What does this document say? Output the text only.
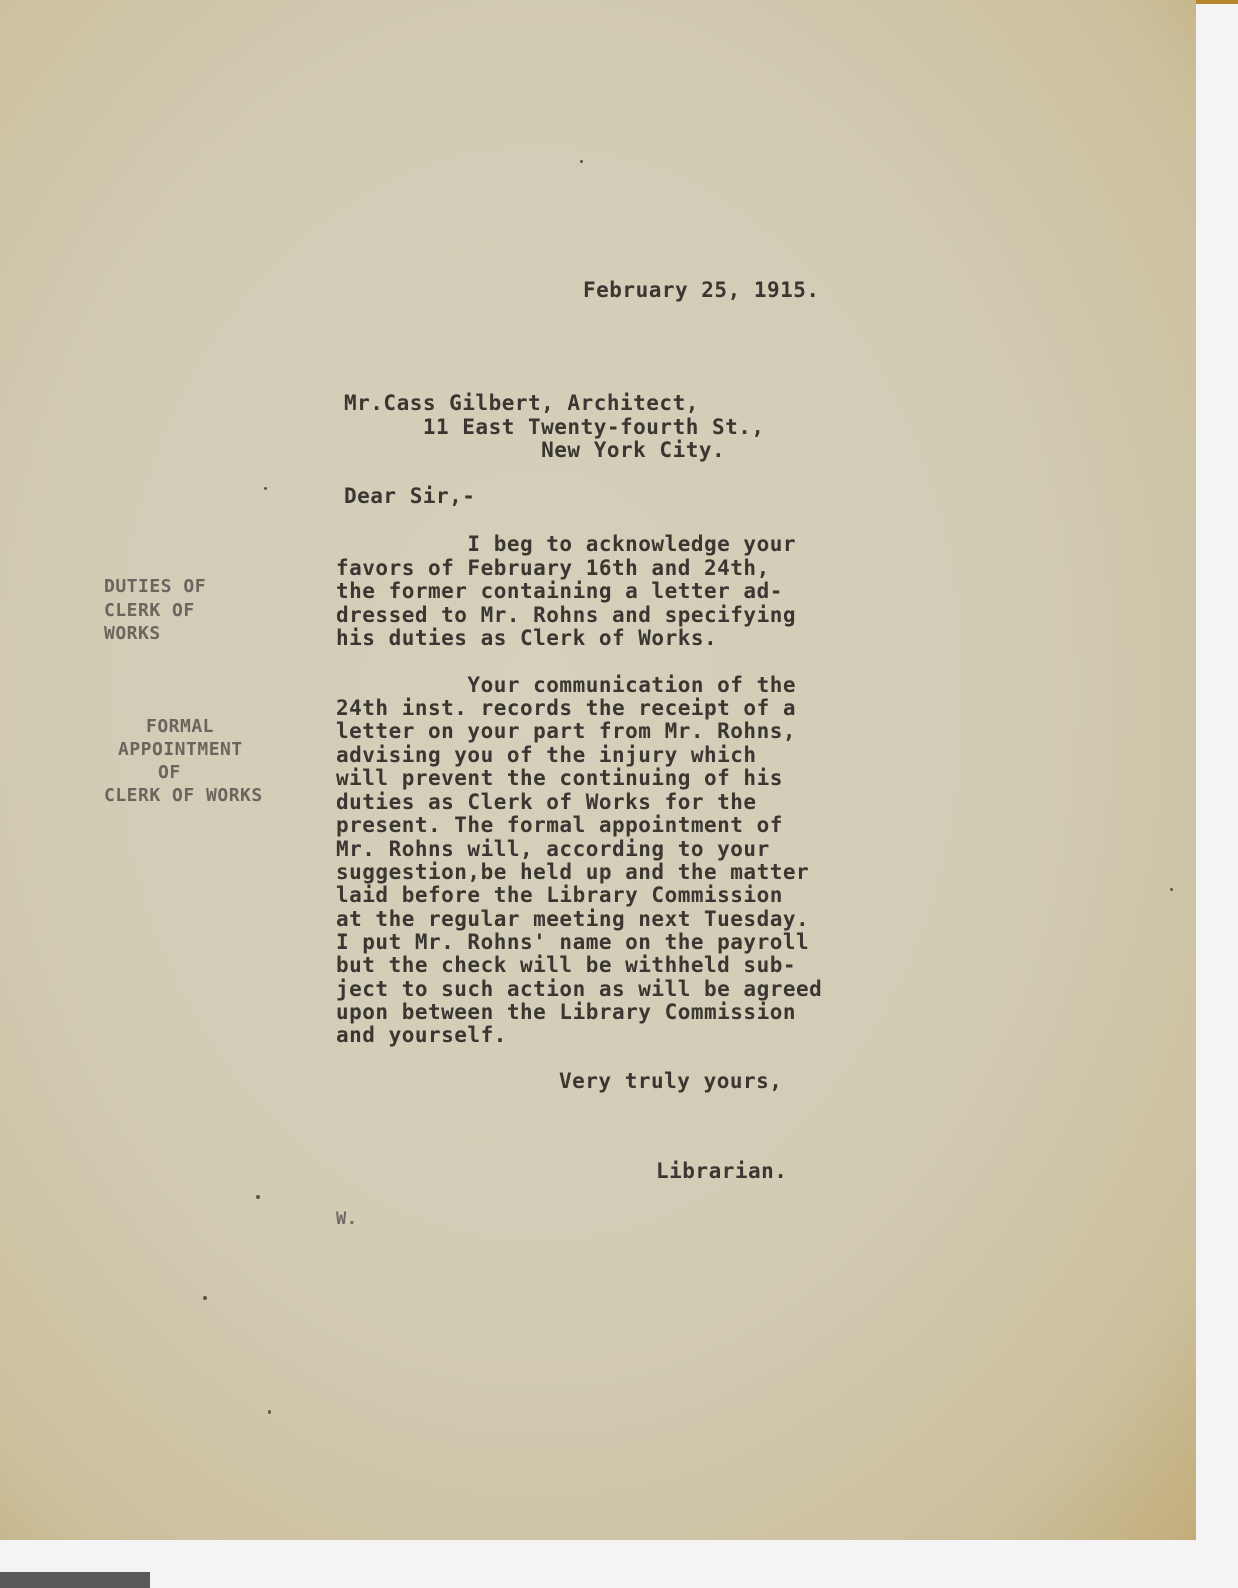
February 25, 1915.
Mr.Cass Gilbert, Architect,
11 East Twenty-fourth St.,
New York City.
Dear Sir,-
I beg to acknowledge your
favors of February 16th and 24th,
the former containing a letter ad-
dressed to Mr. Rohns and specifying
his duties as Clerk of Works.
Your communication of the
24th inst. records the receipt of a
letter on your part from Mr. Rohns,
advising you of the injury which
will prevent the continuing of his
duties as Clerk of Works for the
present. The formal appointment of
Mr. Rohns will, according to your
suggestion,be held up and the matter
laid before the Library Commission
at the regular meeting next Tuesday.
I put Mr. Rohns' name on the payroll
but the check will be withheld sub-
ject to such action as will be agreed
upon between the Library Commission
and yourself.
Very truly yours,
Librarian.
W.
DUTIES OF
CLERK OF
WORKS
FORMAL
APPOINTMENT
OF
CLERK OF WORKS
